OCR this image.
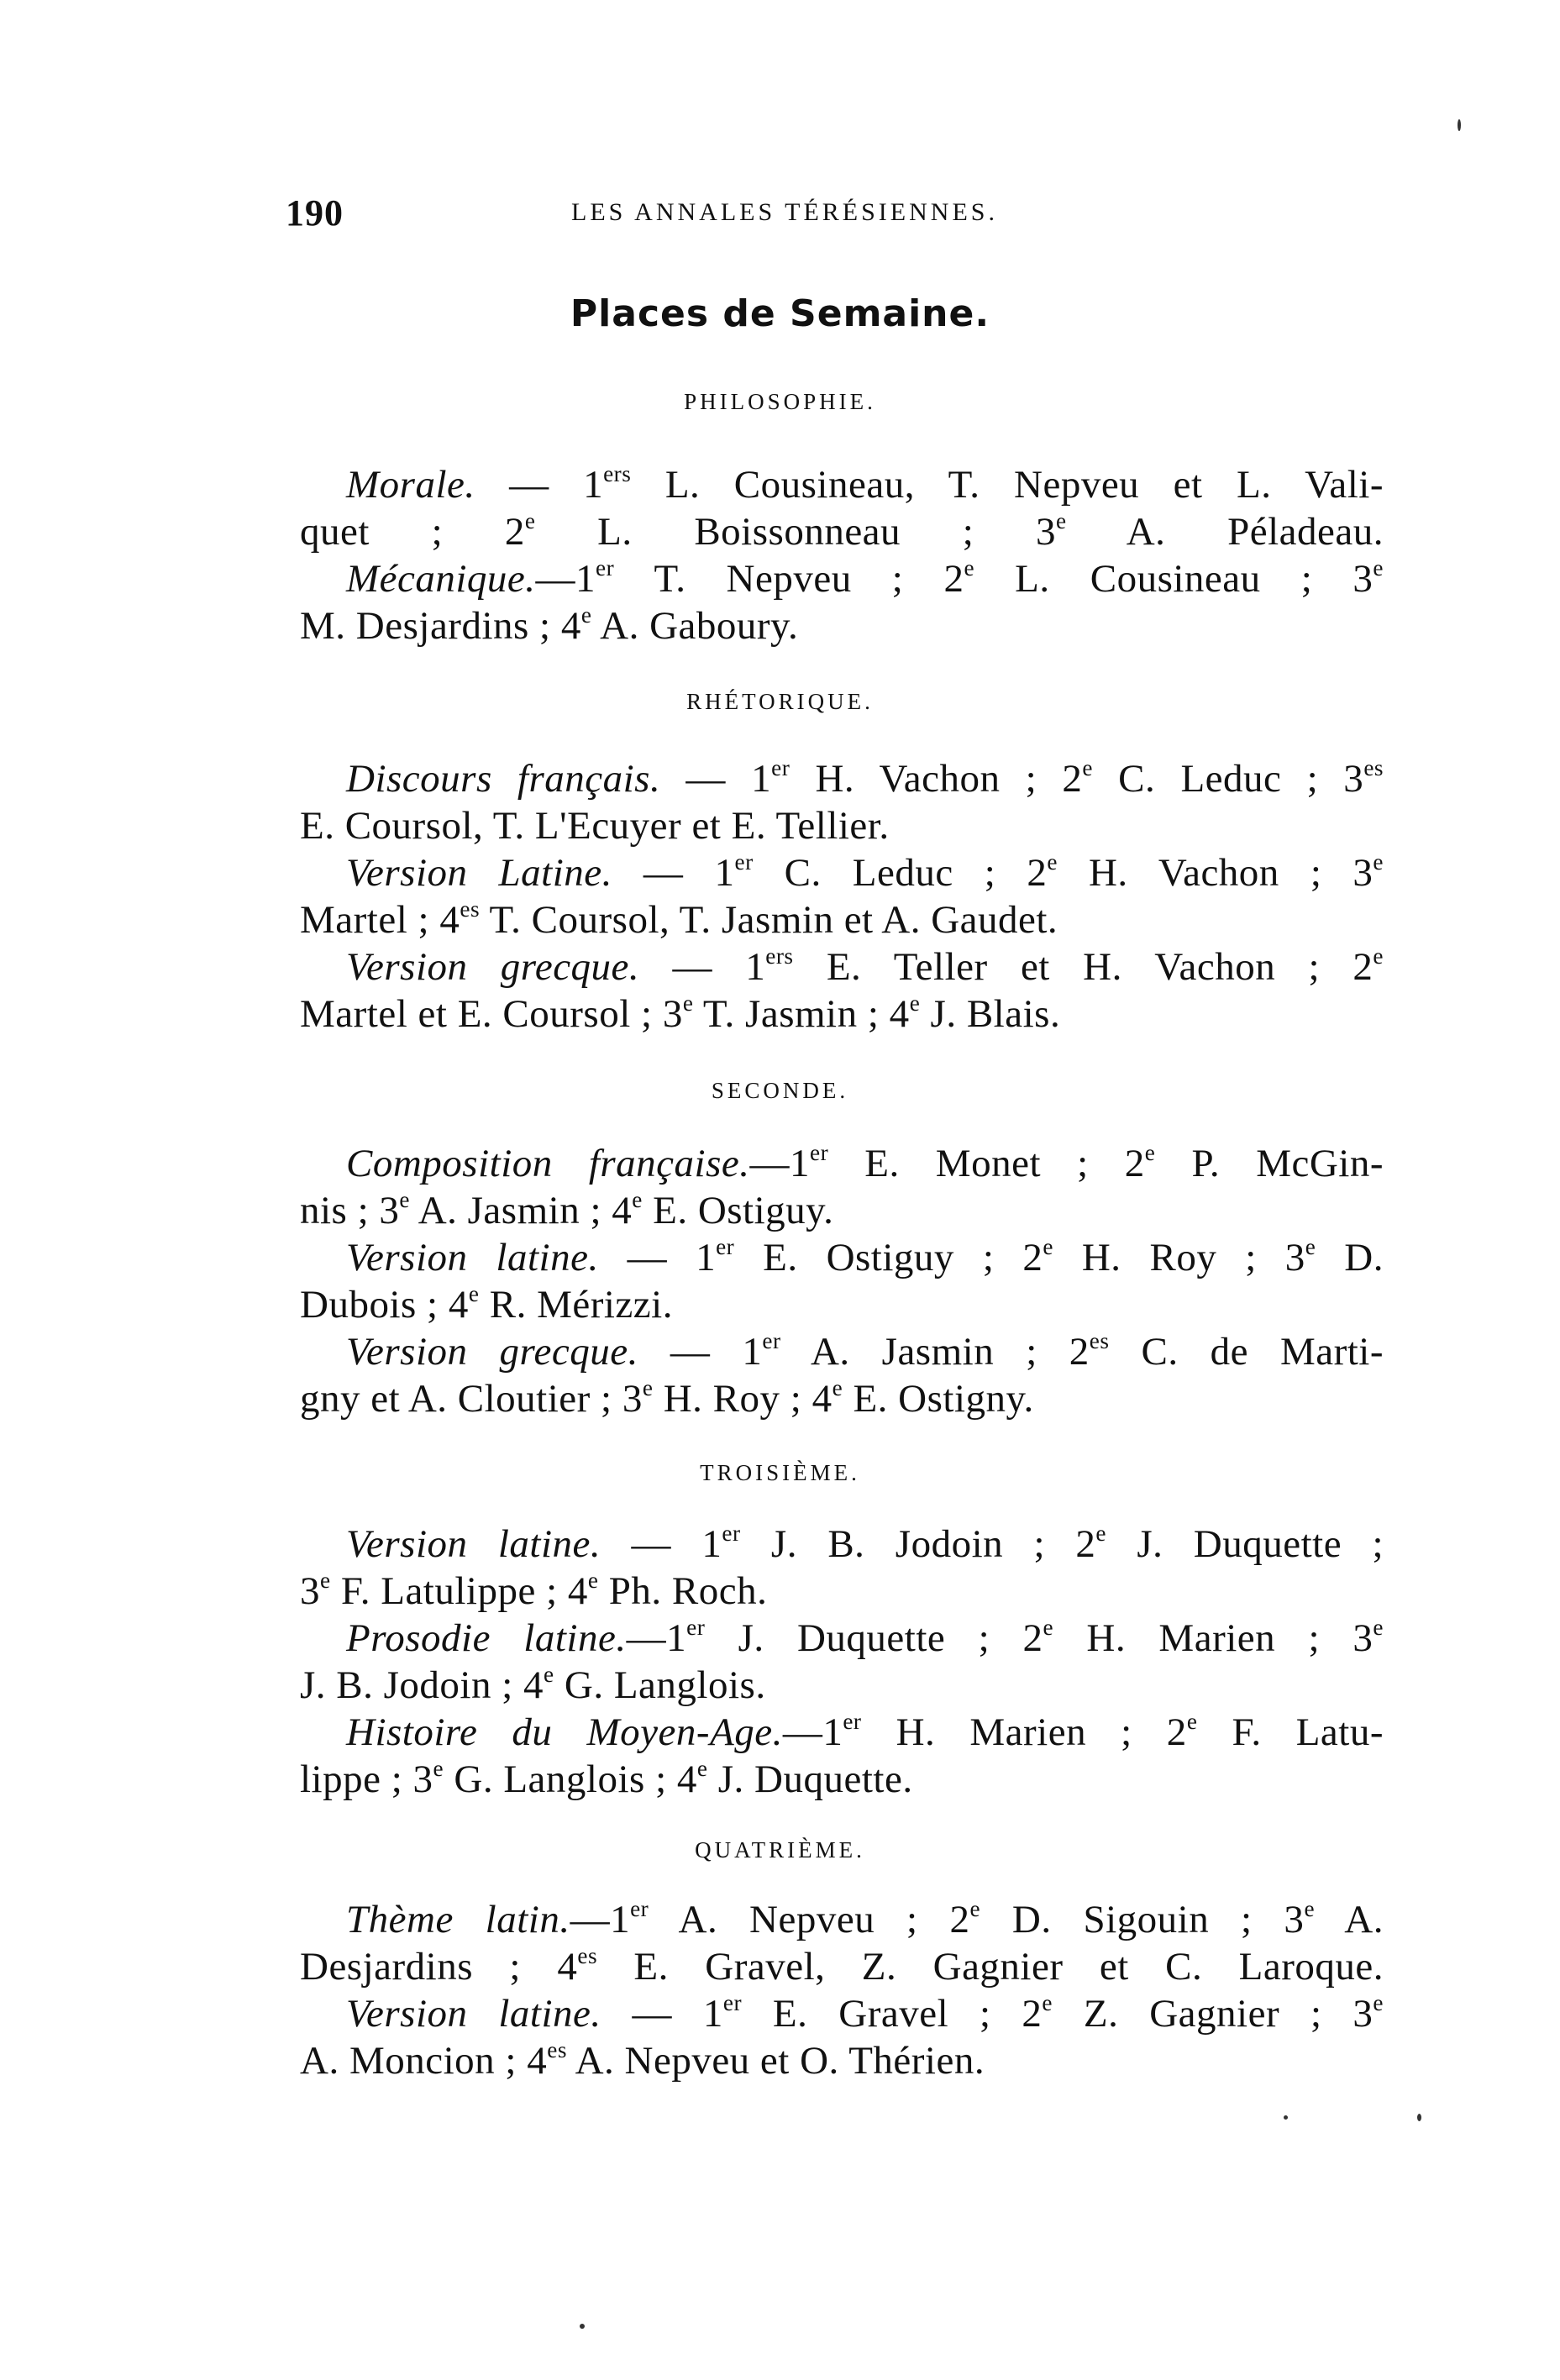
190	LES ANNALES TÉRÉSIENNES.
Places de Semaine.
PHILOSOPHIE.
Morale. — 1ers L. Cousineau, T. Nepveu et L. Vali-
quet ; 2e L. Boissonneau ; 3e A. Péladeau.
Mécanique.—1er T. Nepveu ; 2e L. Cousineau ; 3e
M. Desjardins ; 4e A. Gaboury.
RHÉTORIQUE.
Discours français. — 1er H. Vachon ; 2e C. Leduc ; $3^{es}$
E. Coursol, T. L'Ecuyer et E. Tellier.
Version Latine. — 1er C. Leduc ; 2e H. Vachon ; 3e
Martel ; $4^{es}$ T. Coursol, T. Jasmin et A. Gaudet.
Version grecque. — 1ers E. Teller et H. Vachon ; 2e
Martel et E. Coursol ; 3e T. Jasmin ; 4e J. Blais.
SECONDE.
Composition française.—1er E. Monet ; 2e P. McGin-
nis ; 3e A. Jasmin ; 4e E. Ostiguy.
Version latine. — 1er E. Ostiguy ; 2e H. Roy ; 3e D.
Dubois ; 4e R. Mérizzi.
Version grecque. — 1er A. Jasmin ; $2^{es}$ C. de Marti-
gny et A. Cloutier ; 3e H. Roy ; 4e E. Ostigny.
TROISIÈME.
Version latine. — 1er J. B. Jodoin ; 2e J. Duquette ;
3e F. Latulippe ; 4e Ph. Roch.
Prosodie latine.—1er J. Duquette ; 2e H. Marien ; 3e
J. B. Jodoin ; 4e G. Langlois.
Histoire du Moyen-Age.—1er H. Marien ; 2e F. Latu-
lippe ; 3e G. Langlois ; 4e J. Duquette.
QUATRIÈME.
Thème latin.—1er A. Nepveu ; 2e D. Sigouin ; 3e A.
Desjardins ; $4^{es}$ E. Gravel, Z. Gagnier et C. Laroque.
Version latine. — 1er E. Gravel ; 2e Z. Gagnier ; 3e
A. Moncion ; $4^{es}$ A. Nepveu et O. Thérien.
